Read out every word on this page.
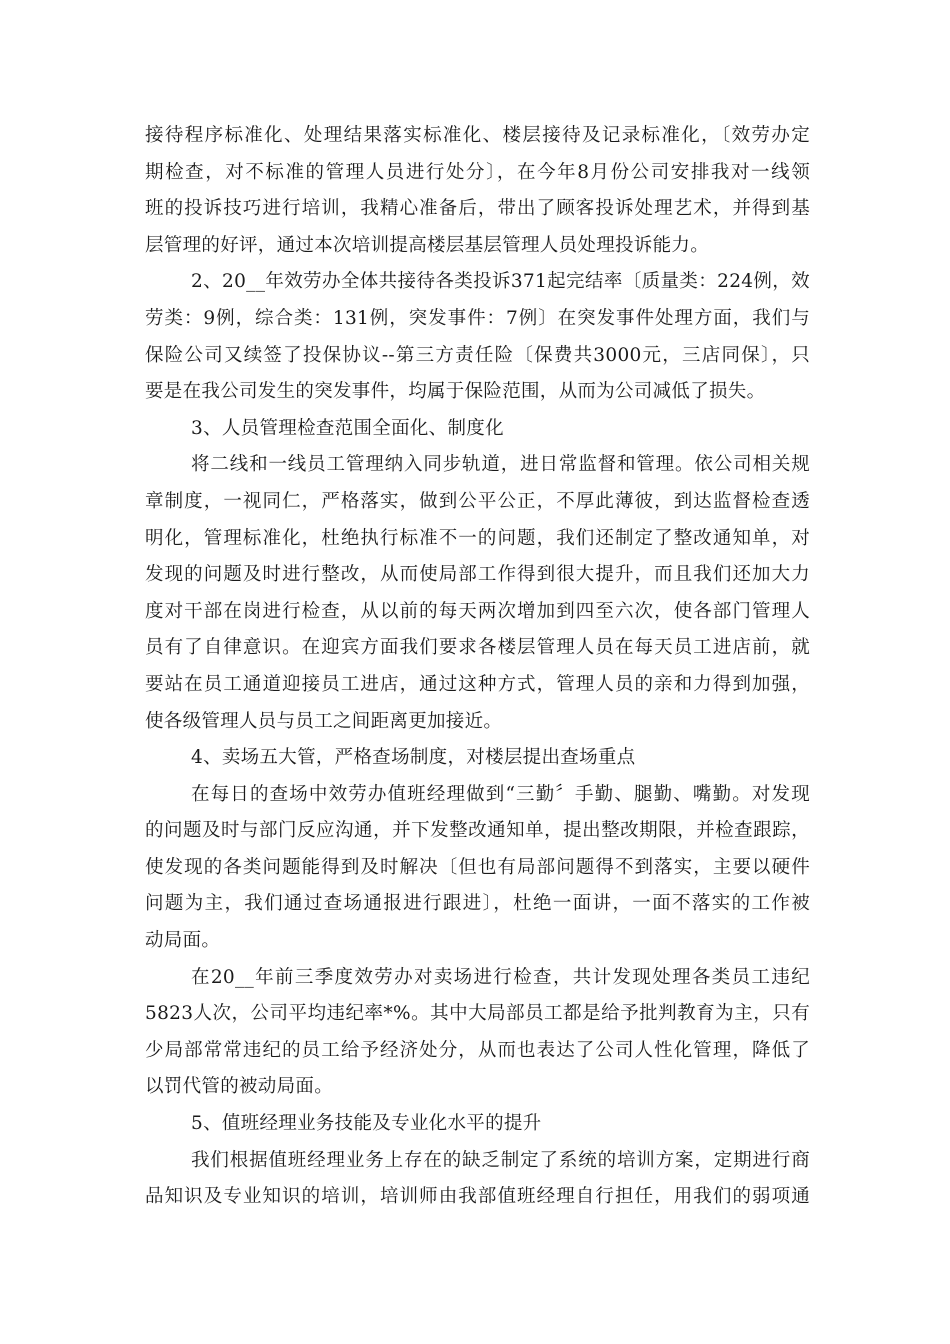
接待程序标准化、处理结果落实标准化、楼层接待及记录标准化，〔效劳办定
期检查，对不标准的管理人员进行处分〕，在今年8月份公司安排我对一线领
班的投诉技巧进行培训，我精心准备后，带出了顾客投诉处理艺术，并得到基
层管理的好评，通过本次培训提高楼层基层管理人员处理投诉能力。
2、20__年效劳办全体共接待各类投诉371起完结率〔质量类：224例，效
劳类：9例，综合类：131例，突发事件：7例〕在突发事件处理方面，我们与
保险公司又续签了投保协议--第三方责任险〔保费共3000元，三店同保〕，只
要是在我公司发生的突发事件，均属于保险范围，从而为公司减低了损失。
3、人员管理检查范围全面化、制度化
将二线和一线员工管理纳入同步轨道，进日常监督和管理。依公司相关规
章制度，一视同仁，严格落实，做到公平公正，不厚此薄彼，到达监督检查透
明化，管理标准化，杜绝执行标准不一的问题，我们还制定了整改通知单，对
发现的问题及时进行整改，从而使局部工作得到很大提升，而且我们还加大力
度对干部在岗进行检查，从以前的每天两次增加到四至六次，使各部门管理人
员有了自律意识。在迎宾方面我们要求各楼层管理人员在每天员工进店前，就
要站在员工通道迎接员工进店，通过这种方式，管理人员的亲和力得到加强，
使各级管理人员与员工之间距离更加接近。
4、卖场五大管，严格查场制度，对楼层提出查场重点
在每日的查场中效劳办值班经理做到“三勤〞手勤、腿勤、嘴勤。对发现
的问题及时与部门反应沟通，并下发整改通知单，提出整改期限，并检查跟踪，
使发现的各类问题能得到及时解决〔但也有局部问题得不到落实，主要以硬件
问题为主，我们通过查场通报进行跟进〕，杜绝一面讲，一面不落实的工作被
动局面。
在20__年前三季度效劳办对卖场进行检查，共计发现处理各类员工违纪
5823人次，公司平均违纪率*%。其中大局部员工都是给予批判教育为主，只有
少局部常常违纪的员工给予经济处分，从而也表达了公司人性化管理，降低了
以罚代管的被动局面。
5、值班经理业务技能及专业化水平的提升
我们根据值班经理业务上存在的缺乏制定了系统的培训方案，定期进行商
品知识及专业知识的培训，培训师由我部值班经理自行担任，用我们的弱项通
